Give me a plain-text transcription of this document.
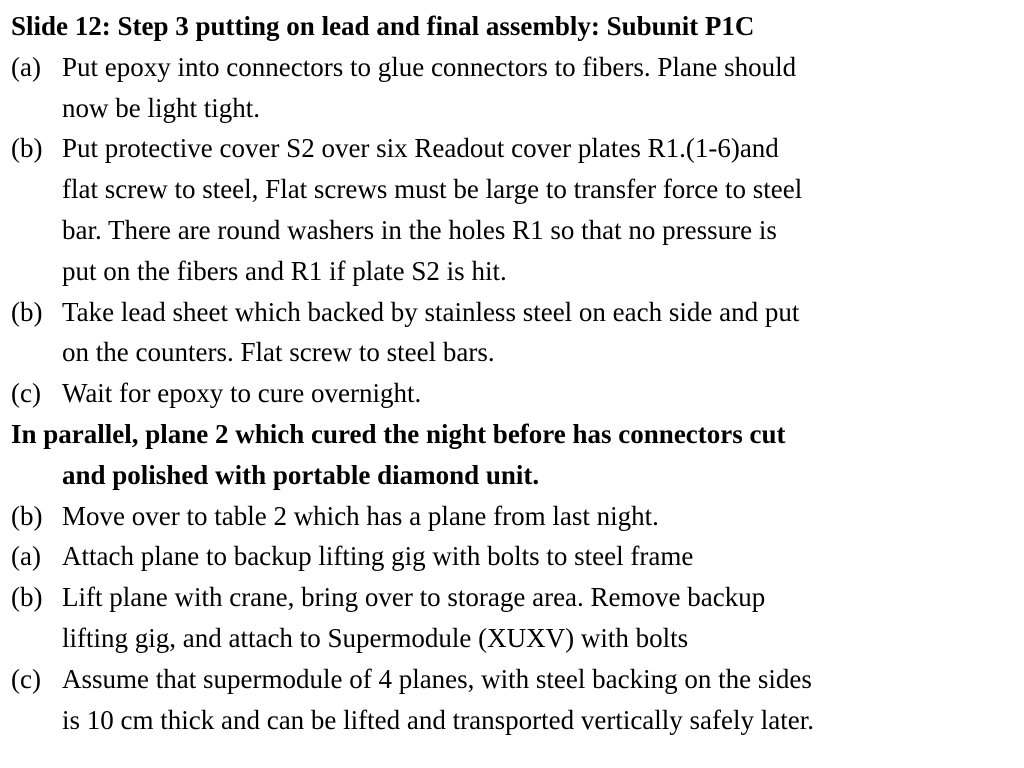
Slide 12: Step 3 putting on lead and final assembly: Subunit P1C
(a) Put epoxy into connectors to glue connectors to fibers. Plane should
now be light tight.
(b) Put protective cover S2 over six Readout cover plates R1.(1-6)and
flat screw to steel, Flat screws must be large to transfer force to steel
bar. There are round washers in the holes R1 so that no pressure is
put on the fibers and R1 if plate S2 is hit.
(b) Take lead sheet which backed by stainless steel on each side and put
on the counters. Flat screw to steel bars.
(c) Wait for epoxy to cure overnight.
In parallel, plane 2 which cured the night before has connectors cut
and polished with portable diamond unit.
(b) Move over to table 2 which has a plane from last night.
(a) Attach plane to backup lifting gig with bolts to steel frame
(b) Lift plane with crane, bring over to storage area. Remove backup
lifting gig, and attach to Supermodule (XUXV) with bolts
(c) Assume that supermodule of 4 planes, with steel backing on the sides
is 10 cm thick and can be lifted and transported vertically safely later.
